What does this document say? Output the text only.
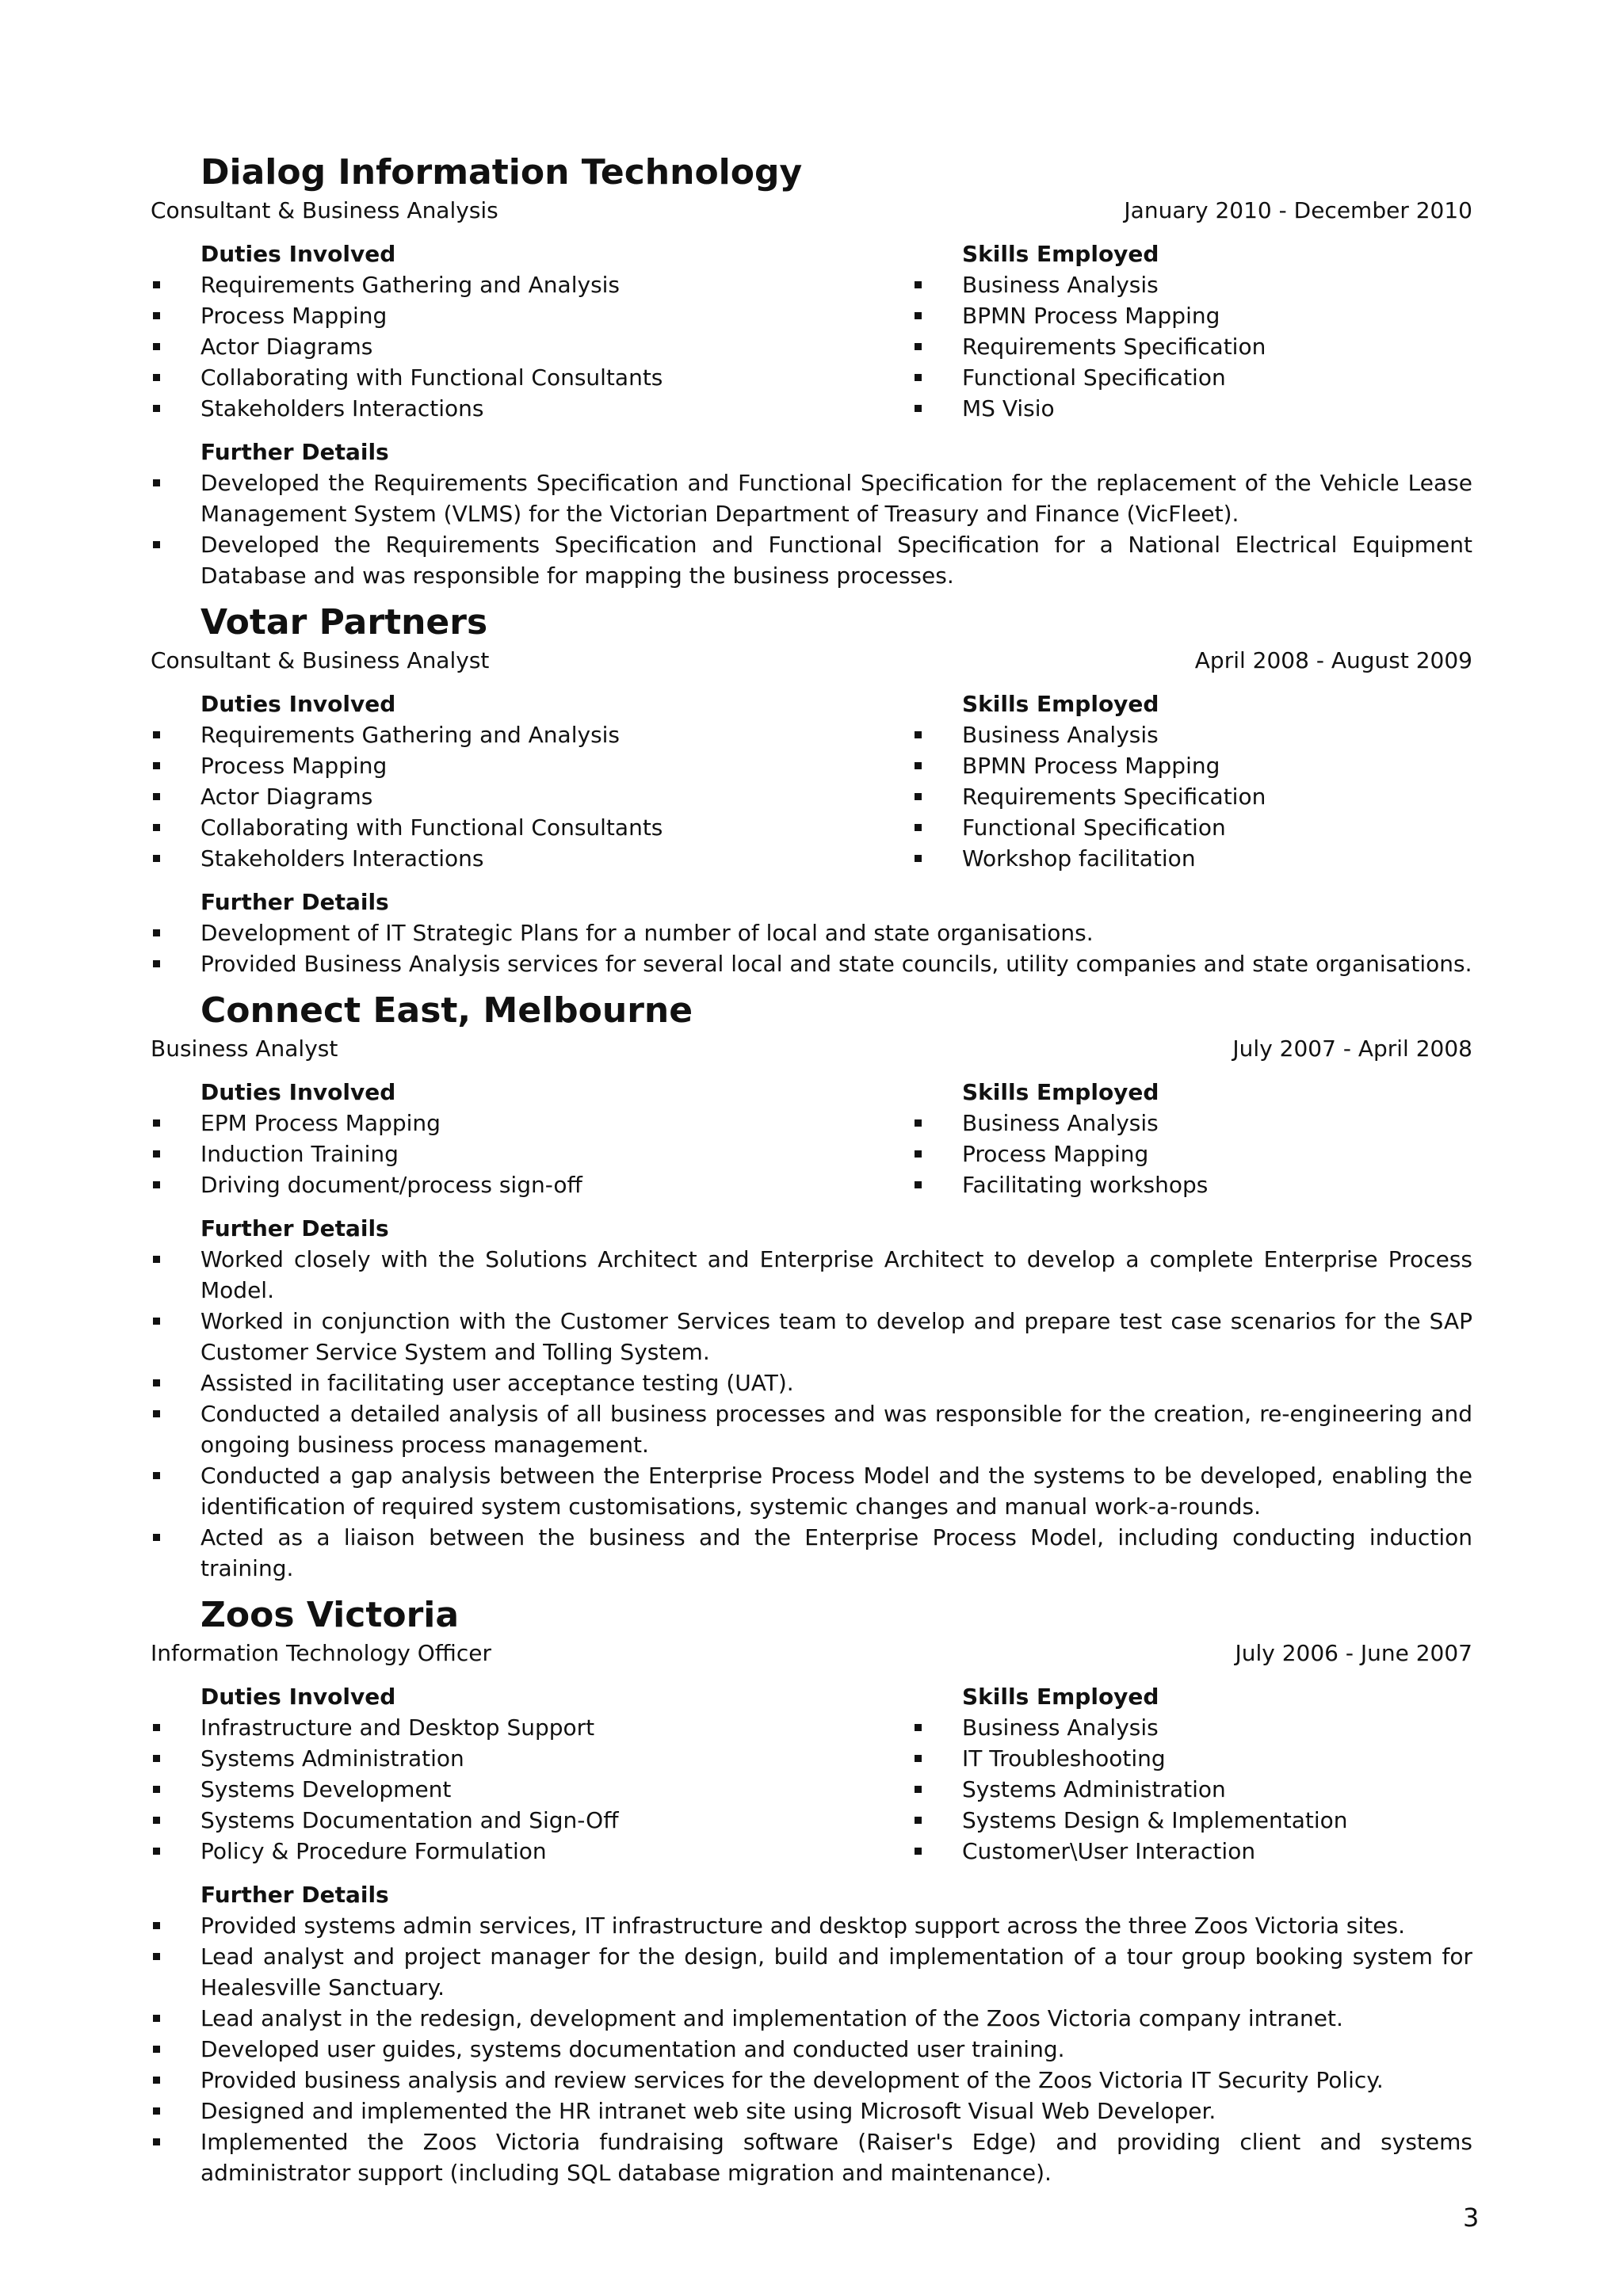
Dialog Information Technology
Consultant & Business Analysis	January 2010 - December 2010
Duties Involved
Requirements Gathering and Analysis
Process Mapping
Actor Diagrams
Collaborating with Functional Consultants
Stakeholders Interactions
Skills Employed
Business Analysis
BPMN Process Mapping
Requirements Specification
Functional Specification
MS Visio
Further Details
Developed the Requirements Specification and Functional Specification for the replacement of the Vehicle Lease Management System (VLMS) for the Victorian Department of Treasury and Finance (VicFleet).
Developed the Requirements Specification and Functional Specification for a National Electrical Equipment Database and was responsible for mapping the business processes.
Votar Partners
Consultant & Business Analyst	April 2008 - August 2009
Duties Involved
Requirements Gathering and Analysis
Process Mapping
Actor Diagrams
Collaborating with Functional Consultants
Stakeholders Interactions
Skills Employed
Business Analysis
BPMN Process Mapping
Requirements Specification
Functional Specification
Workshop facilitation
Further Details
Development of IT Strategic Plans for a number of local and state organisations.
Provided Business Analysis services for several local and state councils, utility companies and state organisations.
Connect East, Melbourne
Business Analyst	July 2007 - April 2008
Duties Involved
EPM Process Mapping
Induction Training
Driving document/process sign-off
Skills Employed
Business Analysis
Process Mapping
Facilitating workshops
Further Details
Worked closely with the Solutions Architect and Enterprise Architect to develop a complete Enterprise Process Model.
Worked in conjunction with the Customer Services team to develop and prepare test case scenarios for the SAP Customer Service System and Tolling System.
Assisted in facilitating user acceptance testing (UAT).
Conducted a detailed analysis of all business processes and was responsible for the creation, re-engineering and ongoing business process management.
Conducted a gap analysis between the Enterprise Process Model and the systems to be developed, enabling the identification of required system customisations, systemic changes and manual work-a-rounds.
Acted as a liaison between the business and the Enterprise Process Model, including conducting induction training.
Zoos Victoria
Information Technology Officer	July 2006 - June 2007
Duties Involved
Infrastructure and Desktop Support
Systems Administration
Systems Development
Systems Documentation and Sign-Off
Policy & Procedure Formulation
Skills Employed
Business Analysis
IT Troubleshooting
Systems Administration
Systems Design & Implementation
Customer\User Interaction
Further Details
Provided systems admin services, IT infrastructure and desktop support across the three Zoos Victoria sites.
Lead analyst and project manager for the design, build and implementation of a tour group booking system for Healesville Sanctuary.
Lead analyst in the redesign, development and implementation of the Zoos Victoria company intranet.
Developed user guides, systems documentation and conducted user training.
Provided business analysis and review services for the development of the Zoos Victoria IT Security Policy.
Designed and implemented the HR intranet web site using Microsoft Visual Web Developer.
Implemented the Zoos Victoria fundraising software (Raiser's Edge) and providing client and systems administrator support (including SQL database migration and maintenance).
3
